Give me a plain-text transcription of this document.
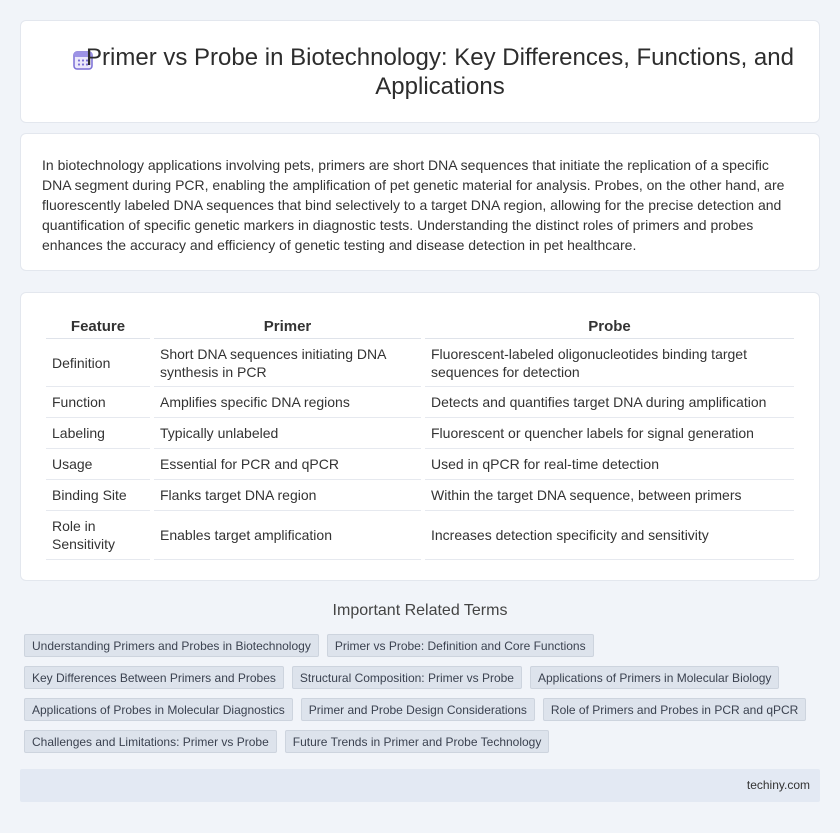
Primer vs Probe in Biotechnology: Key Differences, Functions, and Applications

In biotechnology applications involving pets, primers are short DNA sequences that initiate the replication of a specific DNA segment during PCR, enabling the amplification of pet genetic material for analysis. Probes, on the other hand, are fluorescently labeled DNA sequences that bind selectively to a target DNA region, allowing for the precise detection and quantification of specific genetic markers in diagnostic tests. Understanding the distinct roles of primers and probes enhances the accuracy and efficiency of genetic testing and disease detection in pet healthcare.

Feature	Primer	Probe
Definition	Short DNA sequences initiating DNA synthesis in PCR	Fluorescent-labeled oligonucleotides binding target sequences for detection
Function	Amplifies specific DNA regions	Detects and quantifies target DNA during amplification
Labeling	Typically unlabeled	Fluorescent or quencher labels for signal generation
Usage	Essential for PCR and qPCR	Used in qPCR for real-time detection
Binding Site	Flanks target DNA region	Within the target DNA sequence, between primers
Role in Sensitivity	Enables target amplification	Increases detection specificity and sensitivity
Important Related Terms
Understanding Primers and Probes in Biotechnology	Primer vs Probe: Definition and Core Functions
Key Differences Between Primers and Probes	Structural Composition: Primer vs Probe	Applications of Primers in Molecular Biology
Applications of Probes in Molecular Diagnostics	Primer and Probe Design Considerations	Role of Primers and Probes in PCR and qPCR
Challenges and Limitations: Primer vs Probe	Future Trends in Primer and Probe Technology
techiny.com
